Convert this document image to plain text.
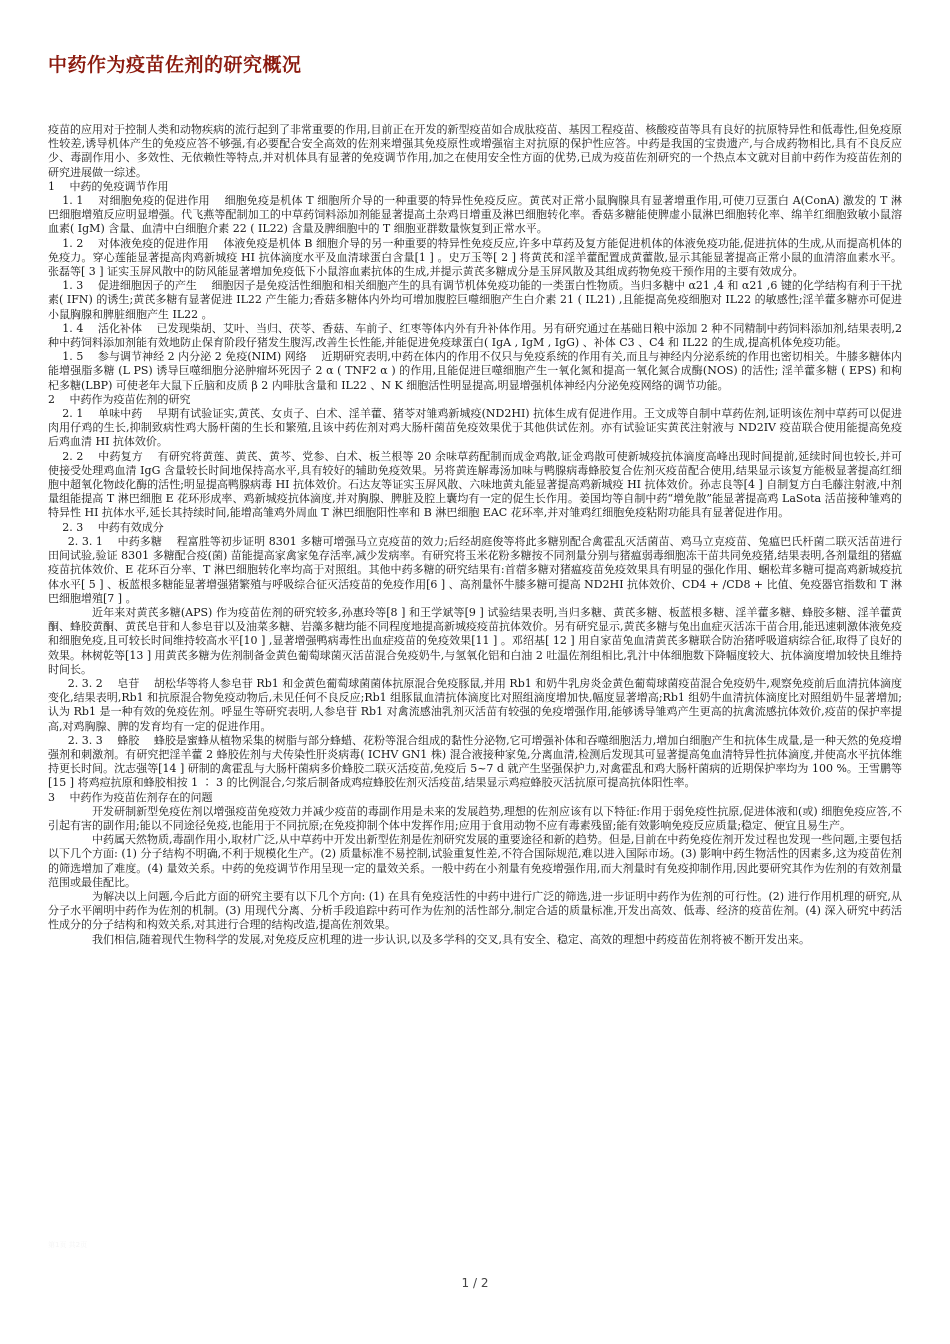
中药作为疫苗佐剂的研究概况

疫苗的应用对于控制人类和动物疾病的流行起到了非常重要的作用,目前正在开发的新型疫苗如合成肽疫苗、基因工程疫苗、核酸疫苗等具有良好的抗原特异性和低毒性,但免疫原性较差,诱导机体产生的免疫应答不够强,有必要配合安全高效的佐剂来增强其免疫原性或增强宿主对抗原的保护性应答。中药是我国的宝贵遗产,与合成药物相比,具有不良反应少、毒副作用小、多效性、无依赖性等特点,并对机体具有显著的免疫调节作用,加之在使用安全性方面的优势,已成为疫苗佐剂研究的一个热点本文就对目前中药作为疫苗佐剂的研究进展做一综述。

1　 中药的免疫调节作用

1. 1　 对细胞免疫的促进作用　 细胞免疫是机体 T 细胞所介导的一种重要的特异性免疫反应。黄芪对正常小鼠胸腺具有显著增重作用,可使刀豆蛋白 A(ConA) 激发的 T 淋巴细胞增殖反应明显增强。代飞燕等配制加工的中草药饲料添加剂能显著提高土杂鸡日增重及淋巴细胞转化率。香菇多糖能使脾虚小鼠淋巴细胞转化率、绵羊红细胞致敏小鼠溶血素( IgM) 含量、血清中白细胞介素 22 ( IL22) 含量及脾细胞中的 T 细胞亚群数量恢复到正常水平。

1. 2　 对体液免疫的促进作用　 体液免疫是机体 B 细胞介导的另一种重要的特异性免疫反应,许多中草药及复方能促进机体的体液免疫功能,促进抗体的生成,从而提高机体的免疫力。穿心莲能显著提高肉鸡新城疫 HI 抗体滴度水平及血清球蛋白含量[1 ] 。史万玉等[ 2 ] 将黄芪和淫羊藿配置成黄藿散,显示其能显著提高正常小鼠的血清溶血素水平。张磊等[ 3 ] 证实玉屏风散中的防风能显著增加免疫低下小鼠溶血素抗体的生成,并提示黄芪多糖成分是玉屏风散及其组成药物免疫干预作用的主要有效成分。

1. 3　 促进细胞因子的产生　 细胞因子是免疫活性细胞和相关细胞产生的具有调节机体免疫功能的一类蛋白性物质。当归多糖中 α21 ,4 和 α21 ,6 键的化学结构有利于干扰素( IFN) 的诱生;黄芪多糖有显著促进 IL22 产生能力;香菇多糖体内外均可增加腹腔巨噬细胞产生白介素 21 ( IL21) ,且能提高免疫细胞对 IL22 的敏感性;淫羊藿多糖亦可促进小鼠胸腺和脾脏细胞产生 IL22 。

1. 4　 活化补体　 已发现柴胡、艾叶、当归、茯苓、香菇、车前子、红枣等体内外有升补体作用。另有研究通过在基础日粮中添加 2 种不同精制中药饲料添加剂,结果表明,2 种中药饲料添加剂能有效地防止保育阶段仔猪发生腹泻,改善生长性能,并能促进免疫球蛋白( IgA , IgM , IgG) 、补体 C3 、C4 和 IL22 的生成,提高机体免疫功能。

1. 5　 参与调节神经 2 内分泌 2 免疫(NIM) 网络　 近期研究表明,中药在体内的作用不仅只与免疫系统的作用有关,而且与神经内分泌系统的作用也密切相关。牛膝多糖体内能增强脂多糖 (L PS) 诱导巨噬细胞分泌肿瘤坏死因子 2 α ( TNF2 α ) 的作用,且能促进巨噬细胞产生一氧化氮和提高一氧化氮合成酶(NOS) 的活性; 淫羊藿多糖 ( EPS) 和枸杞多糖(LBP) 可使老年大鼠下丘脑和皮质 β 2 内啡肽含量和 IL22 、N K 细胞活性明显提高,明显增强机体神经内分泌免疫网络的调节功能。

2　 中药作为疫苗佐剂的研究

2. 1　 单味中药　 早期有试验证实,黄芪、女贞子、白术、淫羊藿、猪苓对雏鸡新城疫(ND2HI) 抗体生成有促进作用。王文成等自制中草药佐剂,证明该佐剂中草药可以促进肉用仔鸡的生长,抑制致病性鸡大肠杆菌的生长和繁殖,且该中药佐剂对鸡大肠杆菌苗免疫效果优于其他供试佐剂。亦有试验证实黄芪注射液与 ND2IV 疫苗联合使用能提高免疫后鸡血清 HI 抗体效价。

2. 2　 中药复方　 有研究将黄莲、黄芪、黄芩、党参、白术、板兰根等 20 余味草药配制而成金鸡散,证金鸡散可使新城疫抗体滴度高峰出现时间提前,延续时间也较长,并可使接受处理鸡血清 IgG 含量较长时间地保持高水平,具有较好的辅助免疫效果。另将黄连解毒汤加味与鸭腺病毒蜂胶复合佐剂灭疫苗配合使用,结果显示该复方能极显著提高红细胞中超氧化物歧化酶的活性;明显提高鸭腺病毒 HI 抗体效价。石达友等证实玉屏风散、六味地黄丸能显著提高鸡新城疫 HI 抗体效价。孙志良等[4 ] 自制复方白毛藤注射液,中剂量组能提高 T 淋巴细胞 E 花环形成率、鸡新城疫抗体滴度,并对胸腺、脾脏及腔上囊均有一定的促生长作用。姜国均等自制中药“增免散”能显著提高鸡 LaSota 活苗接种雏鸡的特异性 HI 抗体水平,延长其持续时间,能增高雏鸡外周血 T 淋巴细胞阳性率和 B 淋巴细胞 EAC 花环率,并对雏鸡红细胞免疫粘附功能具有显著促进作用。

2. 3　 中药有效成分

2. 3. 1　 中药多糖　 程富胜等初步证明 8301 多糖可增强马立克疫苗的效力;后经胡庭俊等将此多糖别配合禽霍乱灭活菌苗、鸡马立克疫苗、兔瘟巴氏杆菌二联灭活苗进行田间试验,验证 8301 多糖配合疫(菌) 苗能提高家禽家兔存活率,减少发病率。有研究将玉米花粉多糖按不同剂量分别与猪瘟弱毒细胞冻干苗共同免疫猪,结果表明,各剂量组的猪瘟疫苗抗体效价、E 花环百分率、T 淋巴细胞转化率均高于对照组。其他中药多糖的研究结果有:首蓿多糖对猪瘟疫苗免疫效果具有明显的强化作用、蜠松茸多糖可提高鸡新城疫抗体水平[ 5 ] 、板蓝根多糖能显著增强猪繁殖与呼吸综合征灭活疫苗的免疫作用[6 ] 、高剂量怀牛膝多糖可提高 ND2HI 抗体效价、CD4 + /CD8 + 比值、免疫器官指数和 T 淋巴细胞增殖[7 ] 。

近年来对黄芪多糖(APS) 作为疫苗佐剂的研究较多,孙惠玲等[8 ] 和王学斌等[9 ] 试验结果表明,当归多糖、黄芪多糖、板蓝根多糖、淫羊藿多糖、蜂胶多糖、淫羊藿黄酮、蜂胶黄酮、黄芪皂苷和人参皂苷以及油菜多糖、岩藻多糖均能不同程度地提高新城疫疫苗抗体效价。另有研究显示,黄芪多糖与兔出血症灭活冻干苗合用,能迅速刺激体液免疫和细胞免疫,且可较长时间维持较高水平[10 ] ,显著增强鸭病毒性出血症疫苗的免疫效果[11 ] 。邓绍基[ 12 ] 用自家苗兔血清黄芪多糖联合防治猪呼吸道病综合征,取得了良好的效果。林树乾等[13 ] 用黄芪多糖为佐剂制备金黄色葡萄球菌灭活苗混合免疫奶牛,与氢氧化铝和白油 2 吐温佐剂组相比,乳汁中体细胞数下降幅度较大、抗体滴度增加较快且维持时间长。

2. 3. 2　 皂苷　 胡松华等将人参皂苷 Rb1 和金黄色葡萄球菌菌体抗原混合免疫豚鼠,并用 Rb1 和奶牛乳房炎金黄色葡萄球菌疫苗混合免疫奶牛,观察免疫前后血清抗体滴度变化,结果表明,Rb1 和抗原混合物免疫动物后,未见任何不良反应;Rb1 组豚鼠血清抗体滴度比对照组滴度增加快,幅度显著增高;Rb1 组奶牛血清抗体滴度比对照组奶牛显著增加;认为 Rb1 是一种有效的免疫佐剂。呼显生等研究表明,人参皂苷 Rb1 对禽流感油乳剂灭活苗有较强的免疫增强作用,能够诱导雏鸡产生更高的抗禽流感抗体效价,疫苗的保护率提高,对鸡胸腺、脾的发育均有一定的促进作用。

2. 3. 3　 蜂胶　 蜂胶是蜜蜂从植物采集的树脂与部分蜂蜡、花粉等混合组成的黏性分泌物,它可增强补体和吞噬细胞活力,增加白细胞产生和抗体生成量,是一种天然的免疫增强剂和刺激剂。有研究把淫羊藿 2 蜂胶佐剂与犬传染性肝炎病毒( ICHV GN1 株) 混合液接种家兔,分离血清,检测后发现其可显著提高兔血清特异性抗体滴度,并使高水平抗体维持更长时间。沈志强等[14 ] 研制的禽霍乱与大肠杆菌病多价蜂胶二联灭活疫苗,免疫后 5~7 d 就产生坚强保护力,对禽霍乱和鸡大肠杆菌病的近期保护率均为 100 %。王雪鹏等[15 ] 将鸡痘抗原和蜂胶相按 1 ∶ 3 的比例混合,匀浆后制备成鸡痘蜂胶佐剂灭活疫苗,结果显示鸡痘蜂胶灭活抗原可提高抗体阳性率。

3　 中药作为疫苗佐剂存在的问题

开发研制新型免疫佐剂以增强疫苗免疫效力并减少疫苗的毒副作用是未来的发展趋势,理想的佐剂应该有以下特征:作用于弱免疫性抗原,促进体液和(或) 细胞免疫应答,不引起有害的副作用;能以不同途径免疫,也能用于不同抗原;在免疫抑制个体中发挥作用;应用于食用动物不应有毒素残留;能有效影响免疫反应质量;稳定、便宜且易生产。

中药属天然物质,毒副作用小,取材广泛,从中草药中开发出新型佐剂是佐剂研究发展的重要途径和新的趋势。但是,目前在中药免疫佐剂开发过程也发现一些问题,主要包括以下几个方面: (1) 分子结构不明确,不利于规模化生产。(2) 质量标准不易控制,试验重复性差,不符合国际规范,难以进入国际市场。(3) 影响中药生物活性的因素多,这为疫苗佐剂的筛选增加了难度。(4) 量效关系。中药的免疫调节作用呈现一定的量效关系。一般中药在小剂量有免疫增强作用,而大剂量时有免疫抑制作用,因此要研究其作为佐剂的有效剂量范围或最佳配比。

为解决以上问题,今后此方面的研究主要有以下几个方向: (1) 在具有免疫活性的中药中进行广泛的筛选,进一步证明中药作为佐剂的可行性。(2) 进行作用机理的研究,从分子水平阐明中药作为佐剂的机制。(3) 用现代分离、分析手段追踪中药可作为佐剂的活性部分,制定合适的质量标准,开发出高效、低毒、经济的疫苗佐剂。(4) 深入研究中药活性成分的分子结构和构效关系,对其进行合理的结构改造,提高佐剂效果。

我们相信,随着现代生物科学的发展,对免疫反应机理的进一步认识,以及多学科的交叉,具有安全、稳定、高效的理想中药疫苗佐剂将被不断开发出来。

第1页 共2页
1 / 2
